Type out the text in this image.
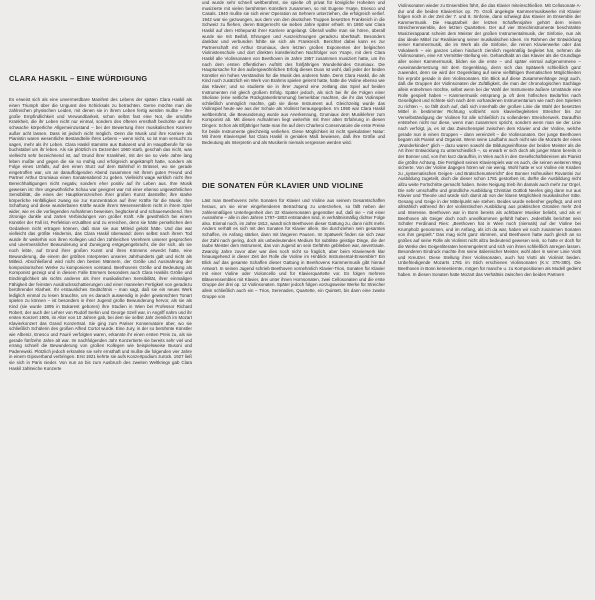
CLARA HASKIL – EINE WÜRDIGUNG

Es erweist sich als eine unvermeïdbare Manifest des Lebens der späten Clara Haskil als einen Triumph über die Ungunst des Schicksals zu betrachten. Gerne möchte man die zahlreichen physischen Leiden, mit denen sie in ihrem Leben fertig werden mußte – ihre große Empfindlichkeit und Verwundbarkeit, schon selbst fast eine Not, die orndüfte Krankheit, die ihr Leben nicht nur einmal, sondern des öfteren ernsthaft bedrohte und ihr schwache körperliche Allgemeinzustand – bei der Bewertung ihrer musikalischen Karriere außer acht lassen. Dass ist jedoch nicht möglich. Denn die Musik und ihre Karriere als Pianistin waren wesentliche Bestandteile ihres Lebens – wenn nicht, so ist man versucht zu sagen, mehr als ihr Leben. Clara Haskil stammte aus Bukarest und im Hauptberufe für sie buchstabel um ihr leben. Als sie plötzlich im Dezember 1960 starb, geschah das nicht, was vielleicht sehr bezeichnend ist, auf Grund ihrer Krankheit, mit der sie so viele Jahre lang leben mußte und gegen die sie so mühig und erfolgreich angekämpft hatte, sondern als Folge eines Unfalls, auf den einen Sturz auf dem Bahnhof in Brüssel, wo sie gerade eingetroffen war, um an darauffolgenden Abend zusammen mit ihrem guten Freund und Partner Arthur Grumiaux einen Sonatenabend zu geben. Vielleicht wage wirklich nicht ihre Bereichhaltigungen nicht negativ, sondern eher positiv auf ihr Leben aus. Ihre Musik gewesen ist: Ihre ungewöhnliche Schau war geeignet war mit einer ebenso ungewöhnlichen Sensibilität, die eines der Hauptkennzeichen ihrer großen Kunst darstellte; ihre starke körperliche Hinfälligkeit zwang sie zur Konzentration auf ihrer Kräfte für die Musik. Ihre Schaftung und diese wunderbaren Kräfte wurde ihrem Wesensemblem nicht in ihrem Spiel wider, wie es die vorliegenden Aufnahmen beweisen, beglückend und schauerweckend. Ihre zitronige dunkle und zarten Verbindungen von großer Kraft. Alle gewöhnlich bei einem Künstler der Fall ist, Perfektion erzuällten und zu erreichen, denn sie hätte perseltichen den Gedanken nicht ertragen können, daß man sie aus Mitleid gelobt hätte. Und das war vielleicht das größte Hindernis, das Clara Haskil überwand: denn selbst nach ihrem Tod wurde ihr weiterhin von ihren Kollegen und den zahlreichen Verehrern unserer gesprochen und unermesslicher Bewunderung und Zuneigung entgegengebracht, die der sich, als sie noch lebte, auf Grund ihrer großen Kunst und ihres Könnens erweckt hatte, eine Bewunderung, die einem der größten Interpreten unseres Jahrhunderts galt und nicht als Mitleid. Abschließend wird nicht den besten Männern, der Größe und Ausmahrung der kompositorischen Werke zu komponieren vorstand. Beethovens Größe und Bedeutung als Komponist gezeigt und in diesem Falle Emmers besonders auch Clara Haskils Größe und Eindringlichkeit als nichts anderes als ihrer musikalischen Sensibilität, ihrer einmaligen Fähigkeit der feinsten Ausdrucksschattierungen und einer mannelen Fertigkeit von geradezu berührender Klarheit. Ihr erstaunliches Gedächtnis – man sagt, daß sie ein neues Werk lediglich einmal zu lesen brauchte, um es danach auswendig in jeder gewünschten Tonart spielen zu können – ist besonders in ihrer Jugend große Bewunderung hervor, als sie als Kind (sie wurde 1895 in Bukarest geboren) ihre Studien in Wien bei Professor Richard Robert, der auch der Lehrer von Rudolf Serkin und George Szell war, in Angriff nahm und ihr erstes Konzert 1906, im Alter von 10 Jahren gab, bei dem sie selbst Jahr ziemlich im Mozart Klavierkonzert das Grand Konzertsal. Sie ging zum Pariser Konservatoire über, wo sie schließlich Schülerin des großen Alfred Cortot wurde. Eine Jury, in der so berühmte Künstler wie Albeniz, Enesco und Fauré verfolgten waren, erkannte ihr einen ersten Preis zu, als sie gerade fünfzehn Jahre alt war. Im nachfolgenden Jahr Konzertierte sie bereits sehr viel und errang schnell die Bewunderung von großen Kollegen wie beispielsweise Busoni und Paderewski. Plötzlich jedoch erkrankte sie sehr ernsthaft und mußte die folgenden vier Jahre in einem Gipsverband verbringen. Erst 1921 kehrte sie aufs Konzertpodium zurück. 1927 ließ sie sich in Paris nieder. Von nun an bis zum Ausbruch des zweiten Weltkriegs gab Clara Haskil zahlreiche Konzerte

und wurde sehr schnell weltberühmt, sie spielte oft privat für königliche Hoheiten und musizierte mit vielen berühmten Künstlern zusammen, so mit Eugene Ysaÿe, Enesco und Casals. 1940 mußte sie sich einer Operation an Sehnerv unterziehen, die erfolgreich verlief. 1942 war sie gezwungen, aus dem von den deutschen Truppen besetzten Frankreich in die Schweiz zu fliehen, deren Bürgerrecht sie sieben Jahre später erhielt. Im 1950 war Clara Haskil auf dem Höhepunkt ihrer Karriere angelangt. Überall wollte man sie hören, überall wurde sie mit Beifall, Ehrungen und Auszeichnungen geradezu überhäuft. Besonders dankbar und verbunden fühlte sie sich als Frankreich. Berichtet dabei kann es zur Partnerschaft mit Arthur Grumiaux, dem letzten großen Exponenten der belgischen Violinistenschule und dort direkten künstlerischen Nachfolger von Ysaÿe, mit dem Clara Haskil alle Violinsonaten von Beethoven im Jahre 1957 zusammen musiziert hatte, um ihn nach dem ersten öffentlichen Auftritt des fünfjährigen Wunderkindes Grumiaux. Die Hauptursache für den außergewöhnlichen Erfolg dieses Duos ist wohl, daß jeder der beiden Künstler ein hohes Verständnis für die Musik des anderen hatte. Denn Clara Haskil, die als Kind noch zusätzlich ein Werk von Brahms spielen gelernt hatte, hatte die Violine ebenso wie das Klavier; und so studierte sie in ihrer Jugend eine zeitlang das Spiel auf beiden Instrumenten mit gleich großem Erfolg. Später jedoch, als sich bei ihr die Folgen einer Skoliose (eine seitliche Rückgratverkrümmung) bemerkbar machten, die ihr das Violinspiel schließlich unmöglich machte, gab sie diese Instrument auf. Gleichzeitig wurde das Violinspiel heute wie aus der Schule als Violinist herausgegeben. Im 1950 war Clara Haskil weltberühmt, die Bewunderung wurde aus Anerkennung, Grumiaux dem Musiklehrer zum Komponist ab. Mit diesen Aufnahmen liegt weiterhin mit Ihrer alten Erfahrung in diesen Dingen: Schon als Elfjähriger hatte man ihn auf dem Charleroi Conservatoire die erste Preise für beide Instrumente gleichzeitig verliehen. Diese Möglichkeit ist nicht spekulativer Natur: Mit ihrem Klavierspiel hat Clara Haskil in genialen Maß bewiesen, daß ihre Größe und Bedeutung als Interpretin und als Musikerin niemals vergessen werden wird.

DIE SONATEN FÜR KLAVIER UND VIOLINE

Läst man Beethovens zehn Sonaten für Klavier und Violine aus seinem Gesamtschaffen heraus, um sie einer eingehenderen Betrachtung zu unterziehen, so fällt neben der zahlenmäßigen Unterlegenheit den 32 Klaviersonaten gegenüber auf, daß sie – mit einer Ausnahme – alle in den Jahren 1797–1803 entstanden sind, in verhältnismäßig dichter Folge also. Einmal noch, im Jahre 1812, wandt sich Beethoven dieser Gattung zu, dann nicht mehr. Anders verhält es sich mit den Sonaten für Klavier allein. Sie durchziehen sein gesamtes Schaffen, im Anfang stärker, dann mit längeren Pausen. Im Spätwerk finden sie sich zwar der Zahl nach gering, doch als unbedeutendes Medium für subtilste geistige Dinge, die der taube Meister dem Instrument, das von Jugend an sein Gefährte geblieben war, anvertraute. Zwanzig Jahre zuvor aber war dies noch nicht so fraglich, aber beim Klavierwerk klar hinausgehend in dieser Zeit der Rolle die Violine im Hinblick Instrumental-Ensemble? Ein Blick auf das gesamte Schaffen dieser Gattung in Beethovens Kammermusik gibt hierauf Antwort. In seinen Jugend schrieb Beethoven vornehmlich Klavier-Trios, Sonaten für Klavier mit einer Violine oder Violoncello und für Klavierquartette vor. Es folgen mehrere Bläserensembles mit Klavier, drei unter ihnen Hornsonaten, zwei Cellosonaten und die erste Gruppe der drei op. 12 Violinsonaten. Später jedoch folgen vorzugsweise Werke für Streicher allein schließlich auch ein – Trios, Serenaden, Quartette, ein Quintett, bis dann eine zweite Gruppe von

Violinsonaten wieder zu Ensembles führt, die das Klavier miteinschließen. Mit Cellosonate A-dur und die beiden Klaviertrios op. 70. Groß angelegte Kammermusikwerke mit Klavier folgen noch in der Zeit der 7. und 8. Sinfonie, dann schwiegt das Klavier im Ensemble der Kammermusik. Die Hauptarbeit der letzten Schaffensjahre gehört dem reinen Streicherensemble, den letzten Quartetten. Der auf vier Streichinstrumente beschränkte Musizierapparat scheint dem Meister der großen Instrumentalmusik, der Sinfonie, nun als das ideale Mittel zur Realisierung seiner musikalischen Ideen. Im Rahmen der Entwicklung seiner Kammermusik, die im Werk als die Sinfonie, die reinen Klavierwerke oder das Vokalwerk – ein ganzes Leben hindurch ziemlich regelmäßig begleitet hat, nehmen die Violinsonaten, eine Art Vermittler-Stellung ein. Gehandhabt an das Klavier als die Grundlage aller seiner Kammermusik, bilden sie die erste – und später einmal aufgenommene – Auseinandersetzung mit dem Gegenklang, denn sich das Spätwerk schließlich ganz zuwendet, denn sie wird der Gegenklang auf seine vielfältigen thematischen Möglichkeiten hin erprobt gerade in den Violinsonaten. Ein Blick auf diese Zusammenhänge zeigt auch, daß die Gruppen der Violinsonaten der Zufälligkeit, die man der chronologischen Sachlage allein entnehmen möchte, selbst wenn bei der Wahl der Instrumente äußere Umstände eine Rolle gespielt haben – Kammermusik entsprang ja oft dem höfischen Bedürfnis nach Geselligkeit und richtete sich nach dem vorhandenen Instrumentarium wie nach den Spielern zu richten –, so fällt doch auf, daß sich innerhalb der großen Linie die Wahl der besetzten Mittel in bestimmter Richtung vollzieht: vom klavierbegleiteten Streicher bis zur Verselbständigung der Violinen für alle schließlich zu vollendeten Streicherwerk. Daraufhin entstehen nicht nur diese, wenn man zusammen spricht, sondern wenn man sie der Linie nach verfolgt, ja, es ist das Zwischenspiel zwischen dem Klavier und der Violine, welche gerade nun in einen Gruppen – dann vereinzelt – die Violinsonaten. Der junge Beethoven begann als Pianist und Organist. Wenn seine Laufbahn auch nicht wie die Mozarts der eines „Wunderkindes“ glich – dazu waren sowohl die Bildungseinflüsse der beiden Meister als die Art ihrer Entwicklung zu unterschiedlich –, so erwarb er sich doch als junger Mann bereits in der Bonner und, von ihm kurz daraufhin, in Wien auch in den Gesellschaftskreisen als Pianist die größte Achtung. Die Fertigkeit seines Klavierspiels war es auch, die seinen weiteren Weg sicherte. Von der Violine dagegen hören wir nie wenig. Wohl hatte er vor Violine ein Knaben zu „systematischen Geigen- und Bratschenunterricht“ den Bonner Hofmusiker Rovantini zur Ausbildung zugeteilt, doch die dieser schon 1781 gestorben ist, dürfte die Ausbildung nicht allzu weite Fortschritte gemacht haben. Seine Neigung trieb ihn damals auch mehr zur Orgel. Die sehr umschaffte und gründliche Ausbildung Christian Gottlob Neefes ging dann nur aus Klavier und Theorie und würde sich damit ab von der klaren Möglichkeit musikalischer Sitte. Gesang und Geige in der Mittelpunkt wie stehen. Beides wurde nebenher gepflegt, und erst allmählich während ihn der violinistischen Ausbildung aus praktischen Gründen mehr Zeit und Interesse. Beethoven war in Bonn bereits als achtbarer Musiker beliebt, und als er Beethoven als Geiger doch noch unvollkommen gefühlt haben. Jedenfalls berichtet sein Schüler Ferdinand Ries: „Beethoven hat in Wien noch (niemals) auf der Violine bei Krumpholz genommen, und im Anfang, als ich da war, haben wir noch zusammen Sonaten von ihm gespielt.“ Das mag nicht ganz stimmen, und Beethoven hatte auch gleich an so großes auf seine Rolle als Violinist nicht allzu bedeutend gewesen sein, so hatte er doch für die Werke des Geigenliteraten kennengelernt und sich von ihnen schließlich anregen lassen. Besonderen Eindruck machte ihm seine italienischer Meister, wohl aber in seiner Linie Viotti und Kreutzer. Diese Stellung ihrer Violinsonaten, auch hat Viotti als Violinist beiden. Unbefriedigende Mozarts 1781 im Stich erschienen Violinsonaten (K.V. 376-380). Die Beethoven in Bonn kennenlernte, mögen für manche u. zu Kompositionen als Modell gedient haben. In diesen Sonaten hatte Mozart das Verhältnis zwischen den beiden Partnern
